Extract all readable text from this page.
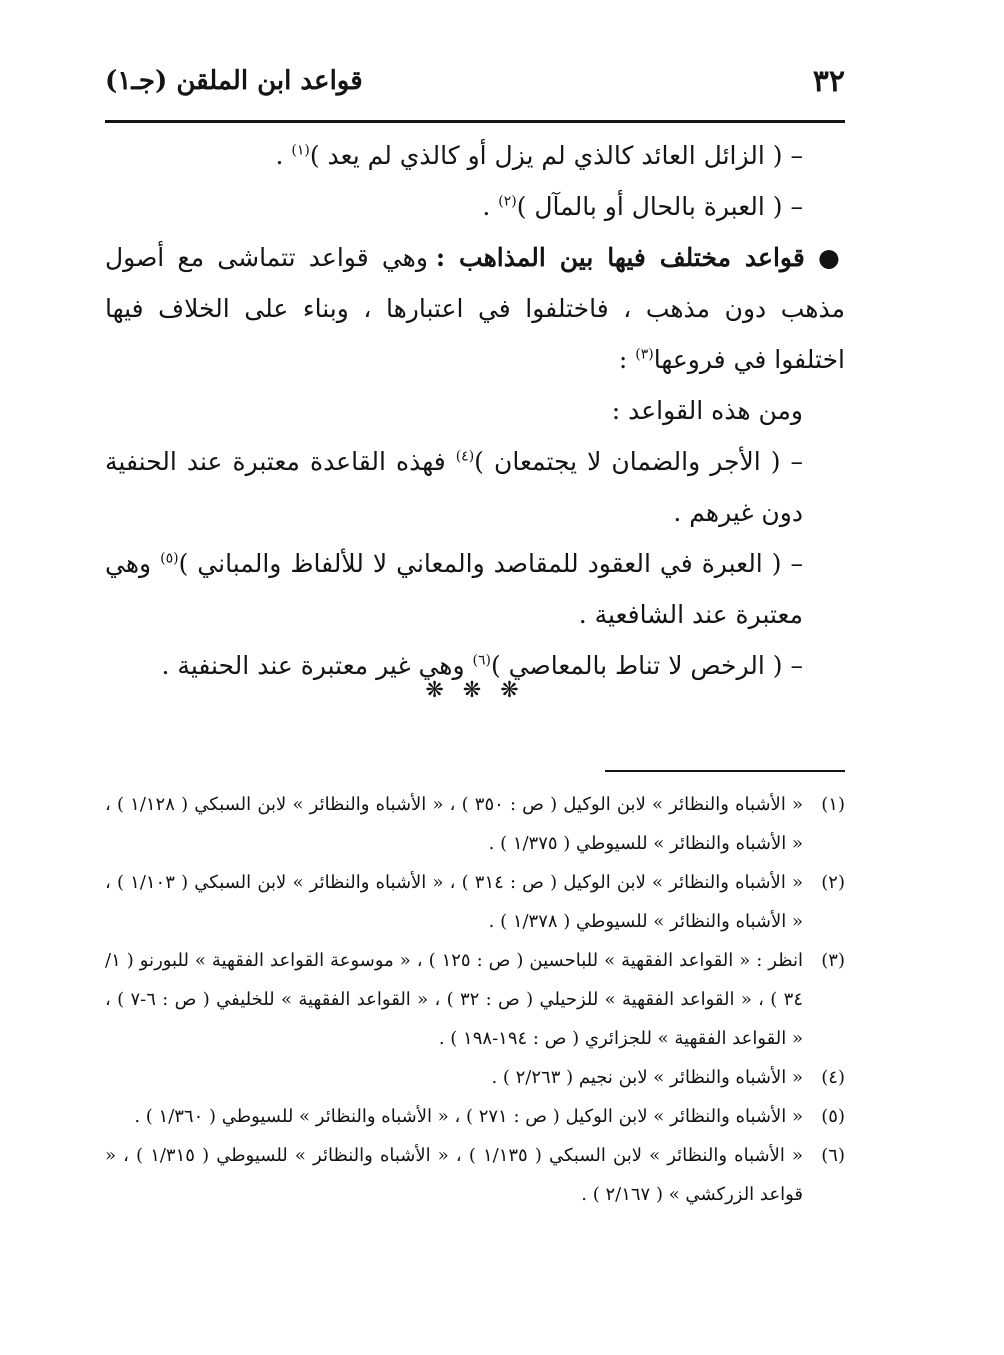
٣٢
قواعد ابن الملقن (جـ١)

– ( الزائل العائد كالذي لم يزل أو كالذي لم يعد )$^{(١)}$ .

– ( العبرة بالحال أو بالمآل )$^{(٢)}$ .

● قواعد مختلف فيها بين المذاهب : وهي قواعد تتماشى مع أصول مذهب دون مذهب ، فاختلفوا في اعتبارها ، وبناء على الخلاف فيها اختلفوا في فروعها$^{(٣)}$ :

ومن هذه القواعد :

– ( الأجر والضمان لا يجتمعان )$^{(٤)}$ فهذه القاعدة معتبرة عند الحنفية دون غيرهم .

– ( العبرة في العقود للمقاصد والمعاني لا للألفاظ والمباني )$^{(٥)}$ وهي معتبرة عند الشافعية .

– ( الرخص لا تناط بالمعاصي )$^{(٦)}$ وهي غير معتبرة عند الحنفية .

❋ ❋ ❋
(١)
« الأشباه والنظائر » لابن الوكيل ( ص : ٣٥٠ ) ، « الأشباه والنظائر » لابن السبكي ( ١/١٢٨ ) ، « الأشباه والنظائر » للسيوطي ( ١/٣٧٥ ) .
(٢)
« الأشباه والنظائر » لابن الوكيل ( ص : ٣١٤ ) ، « الأشباه والنظائر » لابن السبكي ( ١/١٠٣ ) ، « الأشباه والنظائر » للسيوطي ( ١/٣٧٨ ) .
(٣)
انظر : « القواعد الفقهية » للباحسين ( ص : ١٢٥ ) ، « موسوعة القواعد الفقهية » للبورنو ( ١/ ٣٤ ) ، « القواعد الفقهية » للزحيلي ( ص : ٣٢ ) ، « القواعد الفقهية » للخليفي ( ص : ٦-٧ ) ، « القواعد الفقهية » للجزائري ( ص : ١٩٤-١٩٨ ) .
(٤)
« الأشباه والنظائر » لابن نجيم ( ٢/٢٦٣ ) .
(٥)
« الأشباه والنظائر » لابن الوكيل ( ص : ٢٧١ ) ، « الأشباه والنظائر » للسيوطي ( ١/٣٦٠ ) .
(٦)
« الأشباه والنظائر » لابن السبكي ( ١/١٣٥ ) ، « الأشباه والنظائر » للسيوطي ( ١/٣١٥ ) ، « قواعد الزركشي » ( ٢/١٦٧ ) .
